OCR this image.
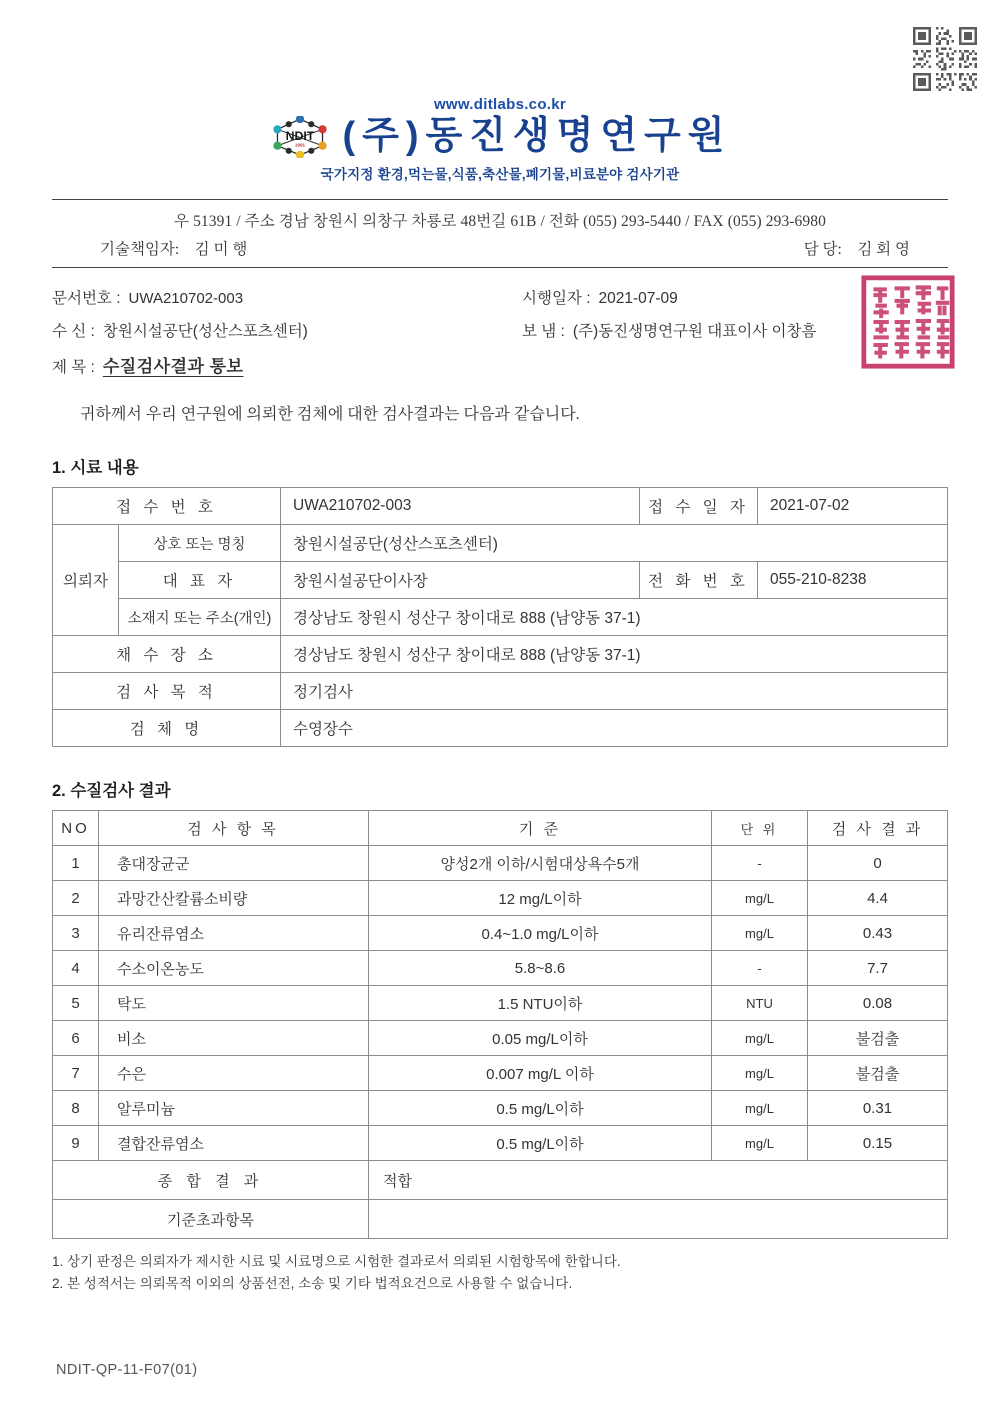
www.ditlabs.co.kr
NDIT
1991 (주)동진생명연구원
국가지정 환경,먹는물,식품,축산물,폐기물,비료분야 검사기관
우 51391 / 주소 경남 창원시 의창구 차룡로 48번길 61B / 전화 (055) 293-5440 / FAX (055) 293-6980
기술책임자: 김 미 행	담 당: 김 회 영
문서번호 : UWA210702-003	시행일자 : 2021-07-09
수 신 : 창원시설공단(성산스포츠센터)	보 냄 : (주)동진생명연구원 대표이사 이창흠
제 목 : 수질검사결과 통보
귀하께서 우리 연구원에 의뢰한 검체에 대한 검사결과는 다음과 같습니다.
1. 시료 내용
접 수 번 호		UWA210702-003	접 수 일 자	2021-07-02
의뢰자	상호 또는 명칭	창원시설공단(성산스포츠센터)		
	대 표 자	창원시설공단이사장	전 화 번 호	055-210-8238
	소재지 또는 주소(개인)	경상남도 창원시 성산구 창이대로 888 (남양동 37-1)		
채 수 장 소		경상남도 창원시 성산구 창이대로 888 (남양동 37-1)		
검 사 목 적		정기검사		
검 체 명		수영장수		
2. 수질검사 결과
NO	검 사 항 목	기 준	단 위	검 사 결 과
1	총대장균군	양성2개 이하/시험대상욕수5개	-	0
2	과망간산칼륨소비량	12 mg/L이하	mg/L	4.4
3	유리잔류염소	0.4~1.0 mg/L이하	mg/L	0.43
4	수소이온농도	5.8~8.6	-	7.7
5	탁도	1.5 NTU이하	NTU	0.08
6	비소	0.05 mg/L이하	mg/L	불검출
7	수은	0.007 mg/L 이하	mg/L	불검출
8	알루미늄	0.5 mg/L이하	mg/L	0.31
9	결합잔류염소	0.5 mg/L이하	mg/L	0.15
종 합 결 과		적합		
기준초과항목				
1. 상기 판정은 의뢰자가 제시한 시료 및 시료명으로 시험한 결과로서 의뢰된 시험항목에 한합니다.
2. 본 성적서는 의뢰목적 이외의 상품선전, 소송 및 기타 법적요건으로 사용할 수 없습니다.
NDIT-QP-11-F07(01)
